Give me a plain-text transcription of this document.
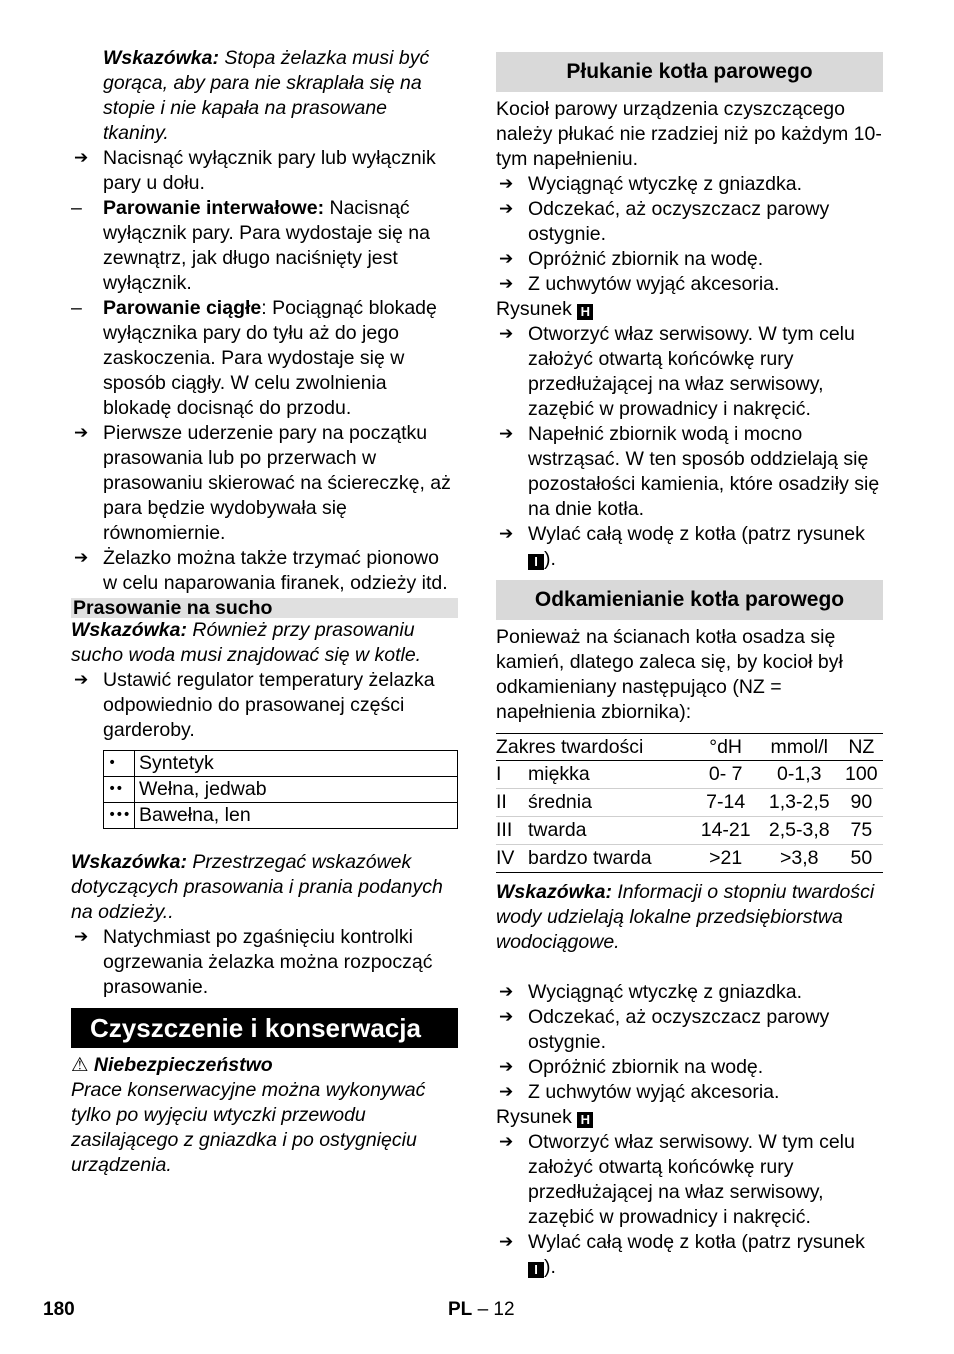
Wskazówka: Stopa żelazka musi być gorąca, aby para nie skraplała się na stopie i nie kapała na prasowane tkaniny.

➔ Nacisnąć wyłącznik pary lub wyłącznik pary u dołu.

– Parowanie interwałowe: Nacisnąć wyłącznik pary. Para wydostaje się na zewnątrz, jak długo naciśnięty jest wyłącznik.

– Parowanie ciągłe: Pociągnąć blokadę wyłącznika pary do tyłu aż do jego zaskoczenia. Para wydostaje się w sposób ciągły. W celu zwolnienia blokadę docisnąć do przodu.

➔ Pierwsze uderzenie pary na początku prasowania lub po przerwach w prasowaniu skierować na ściereczkę, aż para będzie wydobywała się równomiernie.

➔ Żelazko można także trzymać pionowo w celu naparowania firanek, odzieży itd.

Prasowanie na sucho

Wskazówka: Również przy prasowaniu sucho woda musi znajdować się w kotle.

➔ Ustawić regulator temperatury żelazka odpowiednio do prasowanej części garderoby.

•	Syntetyk
••	Wełna, jedwab
•••	Bawełna, len

Wskazówka: Przestrzegać wskazówek dotyczących prasowania i prania podanych na odzieży..

➔ Natychmiast po zgaśnięciu kontrolki ogrzewania żelazka można rozpocząć prasowanie.

Czyszczenie i konserwacja

⚠ Niebezpieczeństwo

Prace konserwacyjne można wykonywać tylko po wyjęciu wtyczki przewodu zasilającego z gniazdka i po ostygnięciu urządzenia.

Płukanie kotła parowego

Kocioł parowy urządzenia czyszczącego należy płukać nie rzadziej niż po każdym 10-tym napełnieniu.

➔ Wyciągnąć wtyczkę z gniazdka.

➔ Odczekać, aż oczyszczacz parowy ostygnie.

➔ Opróżnić zbiornik na wodę.

➔ Z uchwytów wyjąć akcesoria.

Rysunek H

➔ Otworzyć właz serwisowy. W tym celu założyć otwartą końcówkę rury przedłużającej na właz serwisowy, zazębić w prowadnicy i nakręcić.

➔ Napełnić zbiornik wodą i mocno wstrząsać. W ten sposób oddzielają się pozostałości kamienia, które osadziły się na dnie kotła.

➔ Wylać całą wodę z kotła (patrz rysunek I ).

Odkamienianie kotła parowego

Ponieważ na ścianach kotła osadza się kamień, dlatego zaleca się, by kocioł był odkamieniany następująco (NZ = napełnienia zbiornika):

Zakres twardości		°dH	mmol/l	NZ
I	miękka	0- 7	0-1,3	100
II	średnia	7-14	1,3-2,5	90
III	twarda	14-21	2,5-3,8	75
IV	bardzo twarda	>21	>3,8	50

Wskazówka: Informacji o stopniu twardości wody udzielają lokalne przedsiębiorstwa wodociągowe.

➔ Wyciągnąć wtyczkę z gniazdka.

➔ Odczekać, aż oczyszczacz parowy ostygnie.

➔ Opróżnić zbiornik na wodę.

➔ Z uchwytów wyjąć akcesoria.

Rysunek H

➔ Otworzyć właz serwisowy. W tym celu założyć otwartą końcówkę rury przedłużającej na właz serwisowy, zazębić w prowadnicy i nakręcić.

➔ Wylać całą wodę z kotła (patrz rysunek I ).

180	PL – 12
